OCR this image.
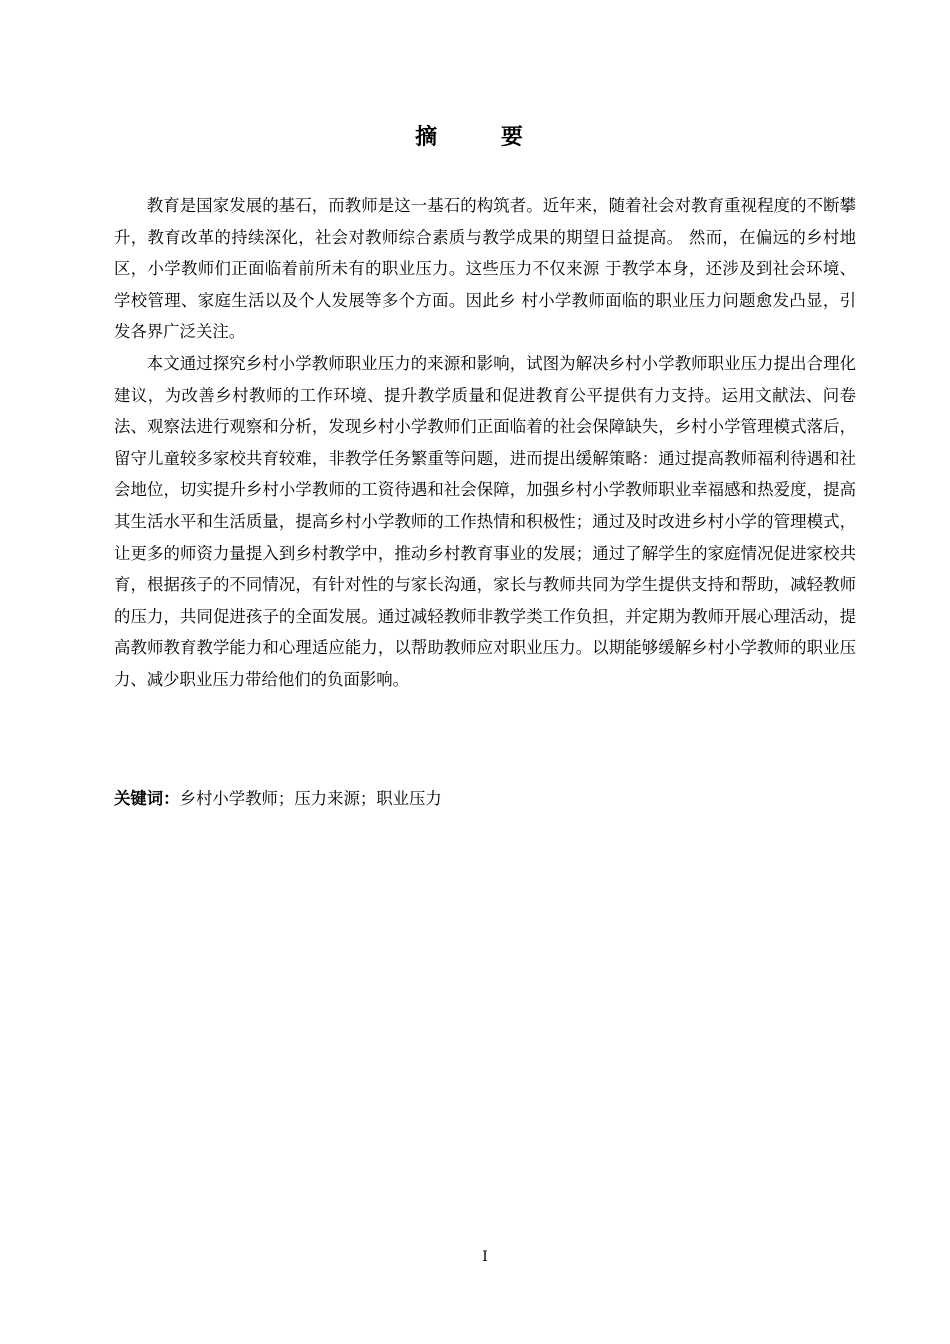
摘 要

教育是国家发展的基石，而教师是这一基石的构筑者。近年来，随着社会对教育重视程度的不断攀升，教育改革的持续深化，社会对教师综合素质与教学成果的期望日益提高。 然而，在偏远的乡村地区，小学教师们正面临着前所未有的职业压力。这些压力不仅来源 于教学本身，还涉及到社会环境、学校管理、家庭生活以及个人发展等多个方面。因此乡 村小学教师面临的职业压力问题愈发凸显，引发各界广泛关注。

本文通过探究乡村小学教师职业压力的来源和影响，试图为解决乡村小学教师职业压力提出合理化建议，为改善乡村教师的工作环境、提升教学质量和促进教育公平提供有力支持。运用文献法、问卷法、观察法进行观察和分析，发现乡村小学教师们正面临着的社会保障缺失，乡村小学管理模式落后，留守儿童较多家校共育较难，非教学任务繁重等问题，进而提出缓解策略：通过提高教师福利待遇和社会地位，切实提升乡村小学教师的工资待遇和社会保障，加强乡村小学教师职业幸福感和热爱度，提高其生活水平和生活质量，提高乡村小学教师的工作热情和积极性；通过及时改进乡村小学的管理模式，让更多的师资力量提入到乡村教学中，推动乡村教育事业的发展；通过了解学生的家庭情况促进家校共育，根据孩子的不同情况，有针对性的与家长沟通，家长与教师共同为学生提供支持和帮助，减轻教师的压力，共同促进孩子的全面发展。通过减轻教师非教学类工作负担，并定期为教师开展心理活动，提高教师教育教学能力和心理适应能力，以帮助教师应对职业压力。以期能够缓解乡村小学教师的职业压力、减少职业压力带给他们的负面影响。

关键词：乡村小学教师；压力来源；职业压力
I
